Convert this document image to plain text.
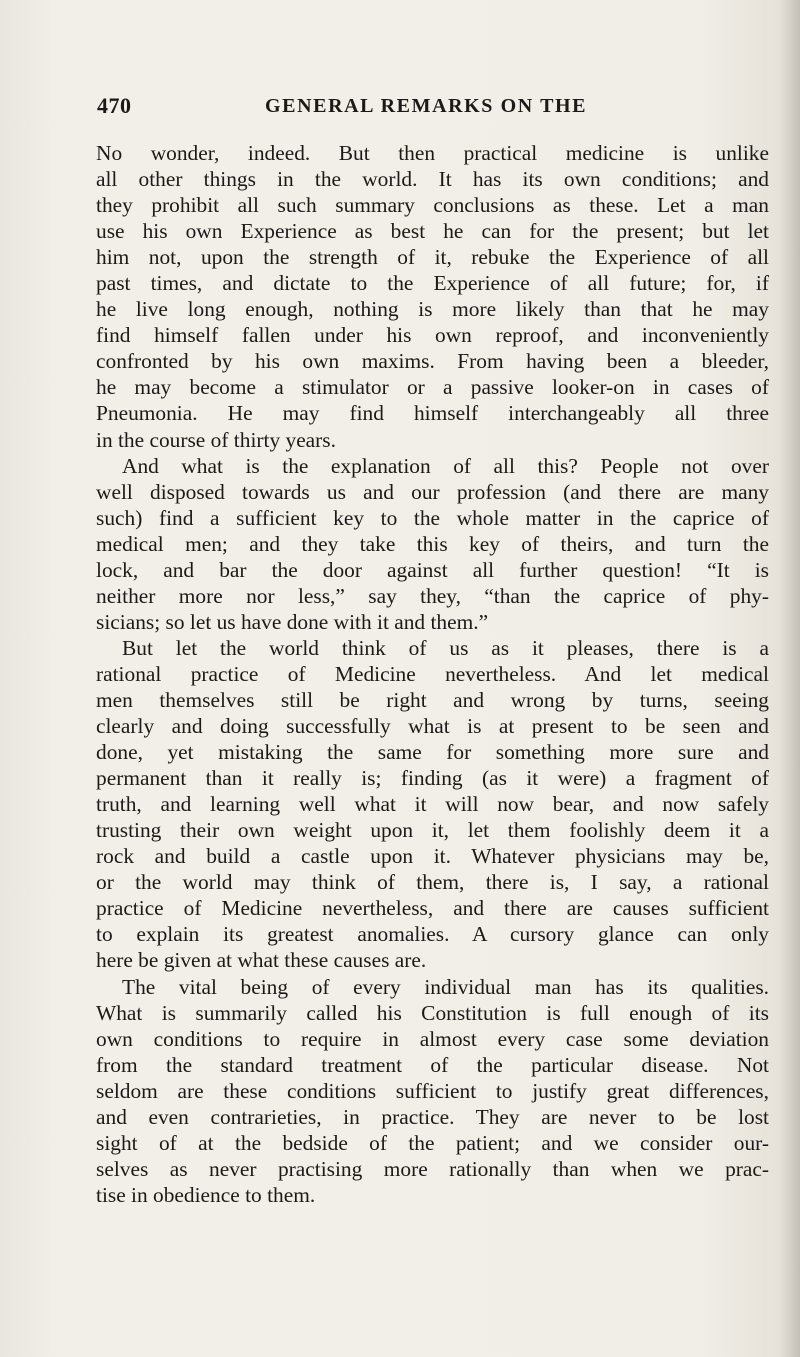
470	GENERAL REMARKS ON THE

No wonder, indeed. But then practical medicine is unlike
all other things in the world. It has its own conditions; and
they prohibit all such summary conclusions as these. Let a man
use his own Experience as best he can for the present; but let
him not, upon the strength of it, rebuke the Experience of all
past times, and dictate to the Experience of all future; for, if
he live long enough, nothing is more likely than that he may
find himself fallen under his own reproof, and inconveniently
confronted by his own maxims. From having been a bleeder,
he may become a stimulator or a passive looker-on in cases of
Pneumonia. He may find himself interchangeably all three
in the course of thirty years.

And what is the explanation of all this? People not over
well disposed towards us and our profession (and there are many
such) find a sufficient key to the whole matter in the caprice of
medical men; and they take this key of theirs, and turn the
lock, and bar the door against all further question! “It is
neither more nor less,” say they, “than the caprice of phy-
sicians; so let us have done with it and them.”

But let the world think of us as it pleases, there is a
rational practice of Medicine nevertheless. And let medical
men themselves still be right and wrong by turns, seeing
clearly and doing successfully what is at present to be seen and
done, yet mistaking the same for something more sure and
permanent than it really is; finding (as it were) a fragment of
truth, and learning well what it will now bear, and now safely
trusting their own weight upon it, let them foolishly deem it a
rock and build a castle upon it. Whatever physicians may be,
or the world may think of them, there is, I say, a rational
practice of Medicine nevertheless, and there are causes sufficient
to explain its greatest anomalies. A cursory glance can only
here be given at what these causes are.

The vital being of every individual man has its qualities.
What is summarily called his Constitution is full enough of its
own conditions to require in almost every case some deviation
from the standard treatment of the particular disease. Not
seldom are these conditions sufficient to justify great differences,
and even contrarieties, in practice. They are never to be lost
sight of at the bedside of the patient; and we consider our-
selves as never practising more rationally than when we prac-
tise in obedience to them.
